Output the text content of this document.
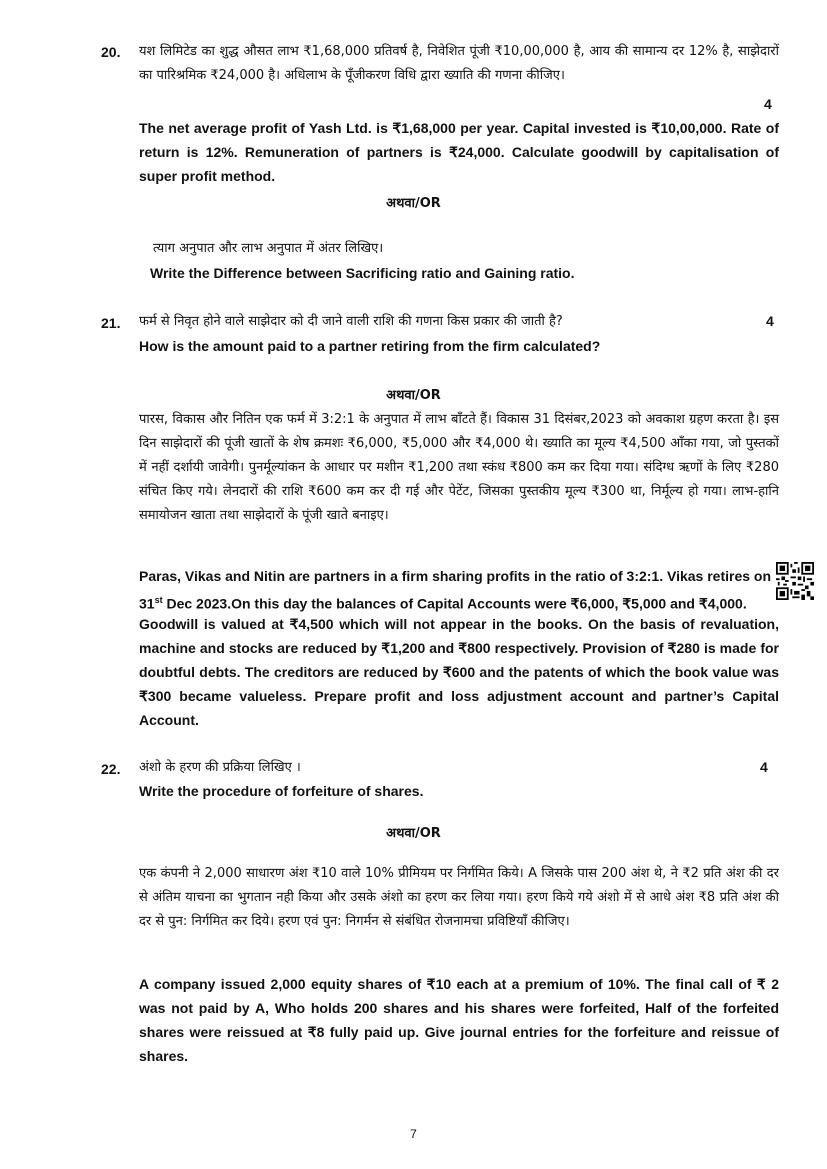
20. यश लिमिटेड का शुद्ध औसत लाभ ₹1,68,000 प्रतिवर्ष है, निवेशित पूंजी ₹10,00,000 है, आय की सामान्य दर 12% है, साझेदारों का पारिश्रमिक ₹24,000 है। अधिलाभ के पूँजीकरण विधि द्वारा ख्याति की गणना कीजिए।
4
The net average profit of Yash Ltd. is ₹1,68,000 per year. Capital invested is ₹10,00,000. Rate of return is 12%. Remuneration of partners is ₹24,000. Calculate goodwill by capitalisation of super profit method.
अथवा/OR
त्याग अनुपात और लाभ अनुपात में अंतर लिखिए।
Write the Difference between Sacrificing ratio and Gaining ratio.
21. फर्म से निवृत होने वाले साझेदार को दी जाने वाली राशि की गणना किस प्रकार की जाती है?	4
How is the amount paid to a partner retiring from the firm calculated?
अथवा/OR
पारस, विकास और नितिन एक फर्म में 3:2:1 के अनुपात में लाभ बाँटते हैं। विकास 31 दिसंबर,2023 को अवकाश ग्रहण करता है। इस दिन साझेदारों की पूंजी खातों के शेष क्रमशः ₹6,000, ₹5,000 और ₹4,000 थे। ख्याति का मूल्य ₹4,500 आँका गया, जो पुस्तकों में नहीं दर्शायी जावेगी। पुनर्मूल्यांकन के आधार पर मशीन ₹1,200 तथा स्कंध ₹800 कम कर दिया गया। संदिग्ध ऋणों के लिए ₹280 संचित किए गये। लेनदारों की राशि ₹600 कम कर दी गई और पेटेंट, जिसका पुस्तकीय मूल्य ₹300 था, निर्मूल्य हो गया। लाभ-हानि समायोजन खाता तथा साझेदारों के पूंजी खाते बनाइए।
Paras, Vikas and Nitin are partners in a firm sharing profits in the ratio of 3:2:1. Vikas retires on
31st Dec 2023.On this day the balances of Capital Accounts were ₹6,000, ₹5,000 and ₹4,000.
Goodwill is valued at ₹4,500 which will not appear in the books. On the basis of revaluation, machine and stocks are reduced by ₹1,200 and ₹800 respectively. Provision of ₹280 is made for doubtful debts. The creditors are reduced by ₹600 and the patents of which the book value was ₹300 became valueless. Prepare profit and loss adjustment account and partner’s Capital Account.
22. अंशो के हरण की प्रक्रिया लिखिए ।	4
Write the procedure of forfeiture of shares.
अथवा/OR
एक कंपनी ने 2,000 साधारण अंश ₹10 वाले 10% प्रीमियम पर निर्गमित किये। A जिसके पास 200 अंश थे, ने ₹2 प्रति अंश की दर से अंतिम याचना का भुगतान नही किया और उसके अंशो का हरण कर लिया गया। हरण किये गये अंशो में से आधे अंश ₹8 प्रति अंश की दर से पुन: निर्गमित कर दिये। हरण एवं पुन: निगर्मन से संबंधित रोजनामचा प्रविष्टियाँ कीजिए।
A company issued 2,000 equity shares of ₹10 each at a premium of 10%. The final call of ₹ 2 was not paid by A, Who holds 200 shares and his shares were forfeited, Half of the forfeited shares were reissued at ₹8 fully paid up. Give journal entries for the forfeiture and reissue of shares.
7
